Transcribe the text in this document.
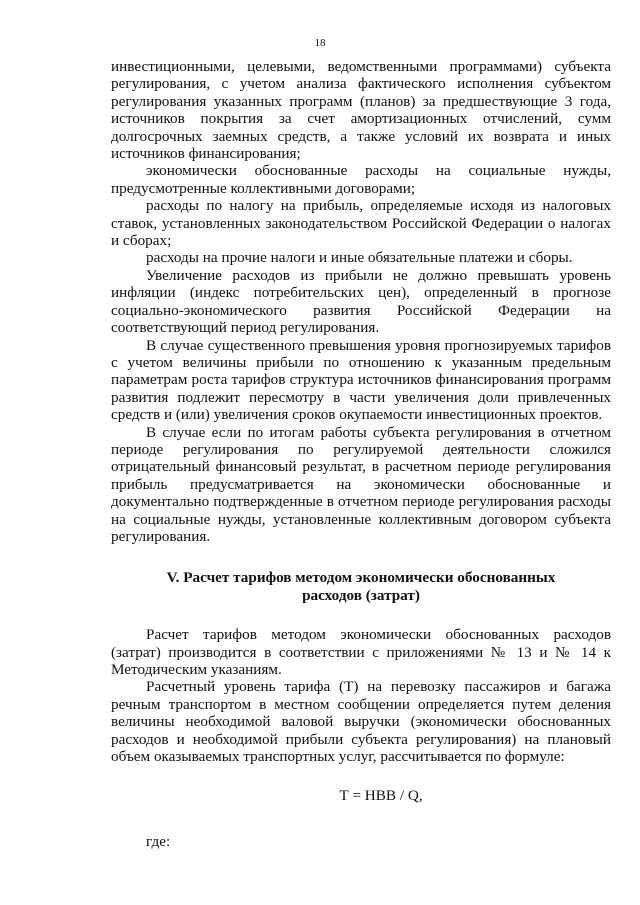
18

инвестиционными, целевыми, ведомственными программами) субъекта регулирования, с учетом анализа фактического исполнения субъектом регулирования указанных программ (планов) за предшествующие 3 года, источников покрытия за счет амортизационных отчислений, сумм долгосрочных заемных средств, а также условий их возврата и иных источников финансирования;

экономически обоснованные расходы на социальные нужды, предусмотренные коллективными договорами;

расходы по налогу на прибыль, определяемые исходя из налоговых ставок, установленных законодательством Российской Федерации о налогах и сборах;

расходы на прочие налоги и иные обязательные платежи и сборы.

Увеличение расходов из прибыли не должно превышать уровень инфляции (индекс потребительских цен), определенный в прогнозе социально-экономического развития Российской Федерации на соответствующий период регулирования.

В случае существенного превышения уровня прогнозируемых тарифов с учетом величины прибыли по отношению к указанным предельным параметрам роста тарифов структура источников финансирования программ развития подлежит пересмотру в части увеличения доли привлеченных средств и (или) увеличения сроков окупаемости инвестиционных проектов.

В случае если по итогам работы субъекта регулирования в отчетном периоде регулирования по регулируемой деятельности сложился отрицательный финансовый результат, в расчетном периоде регулирования прибыль предусматривается на экономически обоснованные и документально подтвержденные в отчетном периоде регулирования расходы на социальные нужды, установленные коллективным договором субъекта регулирования.

V. Расчет тарифов методом экономически обоснованных расходов (затрат)

Расчет тарифов методом экономически обоснованных расходов (затрат) производится в соответствии с приложениями № 13 и № 14 к Методическим указаниям.

Расчетный уровень тарифа (Т) на перевозку пассажиров и багажа речным транспортом в местном сообщении определяется путем деления величины необходимой валовой выручки (экономически обоснованных расходов и необходимой прибыли субъекта регулирования) на плановый объем оказываемых транспортных услуг, рассчитывается по формуле:

Т = НВВ / Q,
где:
